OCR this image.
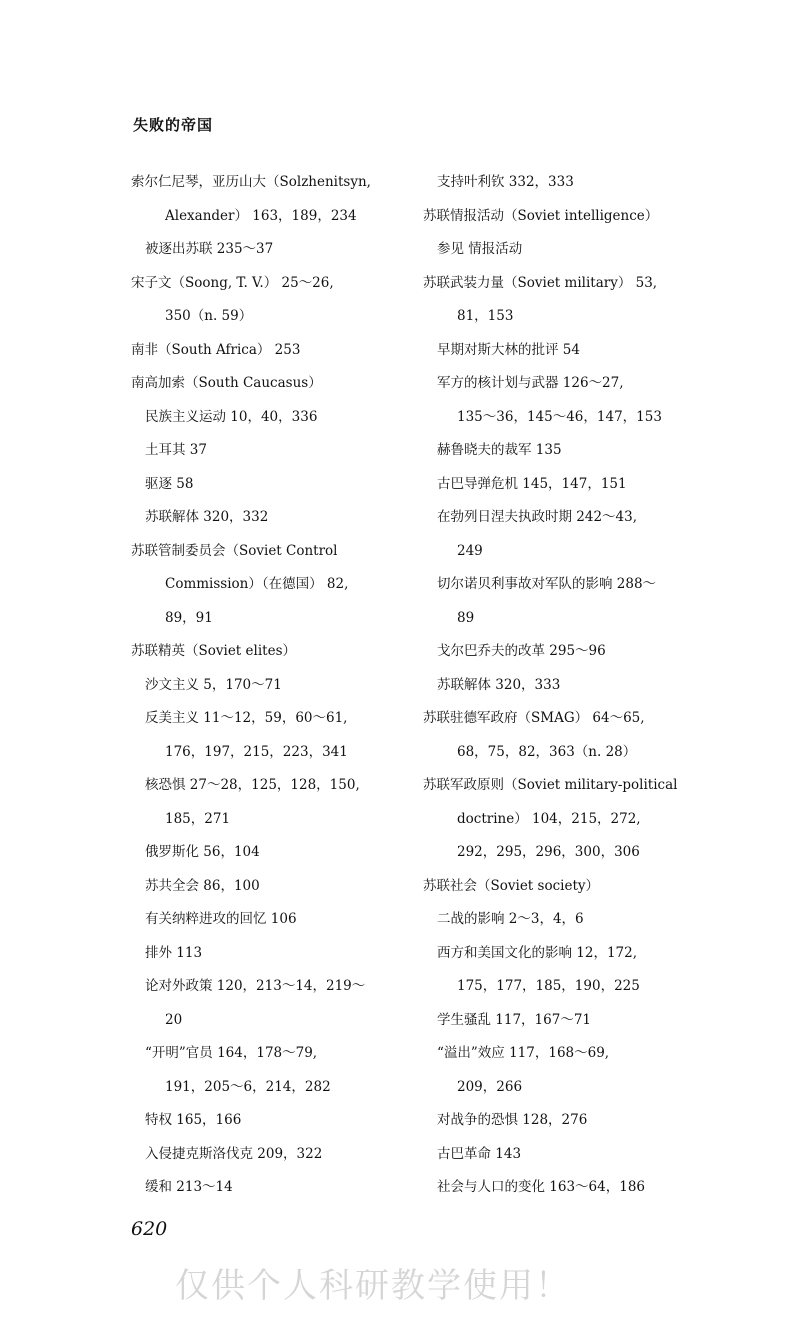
失败的帝国
索尔仁尼琴，亚历山大（Solzhenitsyn,
Alexander） 163，189，234
被逐出苏联 235～37
宋子文（Soong, T. V.） 25～26,
350（n. 59）
南非（South Africa） 253
南高加索（South Caucasus）
民族主义运动 10，40，336
土耳其 37
驱逐 58
苏联解体 320，332
苏联管制委员会（Soviet Control
Commission）（在德国） 82,
89，91
苏联精英（Soviet elites）
沙文主义 5，170～71
反美主义 11～12，59，60～61,
176，197，215，223，341
核恐惧 27～28，125，128，150,
185，271
俄罗斯化 56，104
苏共全会 86，100
有关纳粹进攻的回忆 106
排外 113
论对外政策 120，213～14，219～
20
“开明”官员 164，178～79,
191，205～6，214，282
特权 165，166
入侵捷克斯洛伐克 209，322
缓和 213～14
支持叶利钦 332，333
苏联情报活动（Soviet intelligence）
参见 情报活动
苏联武装力量（Soviet military） 53,
81，153
早期对斯大林的批评 54
军方的核计划与武器 126～27,
135～36，145～46，147，153
赫鲁晓夫的裁军 135
古巴导弹危机 145，147，151
在勃列日涅夫执政时期 242～43,
249
切尔诺贝利事故对军队的影响 288～
89
戈尔巴乔夫的改革 295～96
苏联解体 320，333
苏联驻德军政府（SMAG） 64～65,
68，75，82，363（n. 28）
苏联军政原则（Soviet military-political
doctrine） 104，215，272,
292，295，296，300，306
苏联社会（Soviet society）
二战的影响 2～3，4，6
西方和美国文化的影响 12，172,
175，177，185，190，225
学生骚乱 117，167～71
“溢出”效应 117，168～69,
209，266
对战争的恐惧 128，276
古巴革命 143
社会与人口的变化 163～64，186
620
仅供个人科研教学使用！
